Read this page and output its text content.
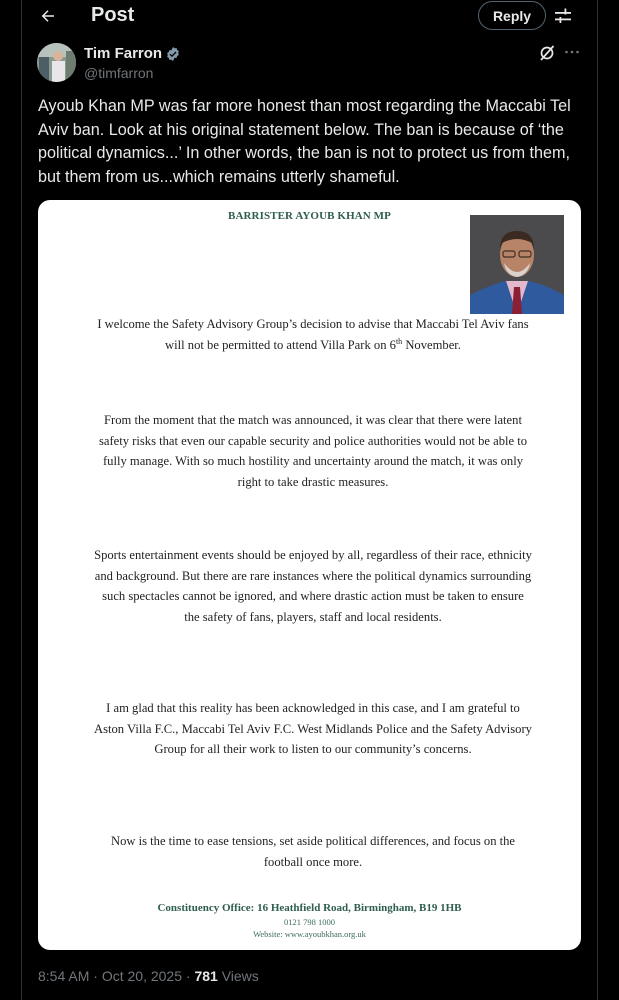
Post	Reply
Tim Farron
@timfarron
Ayoub Khan MP was far more honest than most regarding the Maccabi Tel Aviv ban. Look at his original statement below. The ban is because of ‘the political dynamics...’ In other words, the ban is not to protect us from them, but them from us...which remains utterly shameful.
BARRISTER AYOUB KHAN MP
I welcome the Safety Advisory Group’s decision to advise that Maccabi Tel Aviv fans will not be permitted to attend Villa Park on 6th November.
From the moment that the match was announced, it was clear that there were latent safety risks that even our capable security and police authorities would not be able to fully manage. With so much hostility and uncertainty around the match, it was only right to take drastic measures.
Sports entertainment events should be enjoyed by all, regardless of their race, ethnicity and background. But there are rare instances where the political dynamics surrounding such spectacles cannot be ignored, and where drastic action must be taken to ensure the safety of fans, players, staff and local residents.
I am glad that this reality has been acknowledged in this case, and I am grateful to Aston Villa F.C., Maccabi Tel Aviv F.C. West Midlands Police and the Safety Advisory Group for all their work to listen to our community’s concerns.
Now is the time to ease tensions, set aside political differences, and focus on the football once more.
Constituency Office: 16 Heathfield Road, Birmingham, B19 1HB
0121 798 1000
Website: www.ayoubkhan.org.uk
8:54 AM · Oct 20, 2025 · 781 Views
